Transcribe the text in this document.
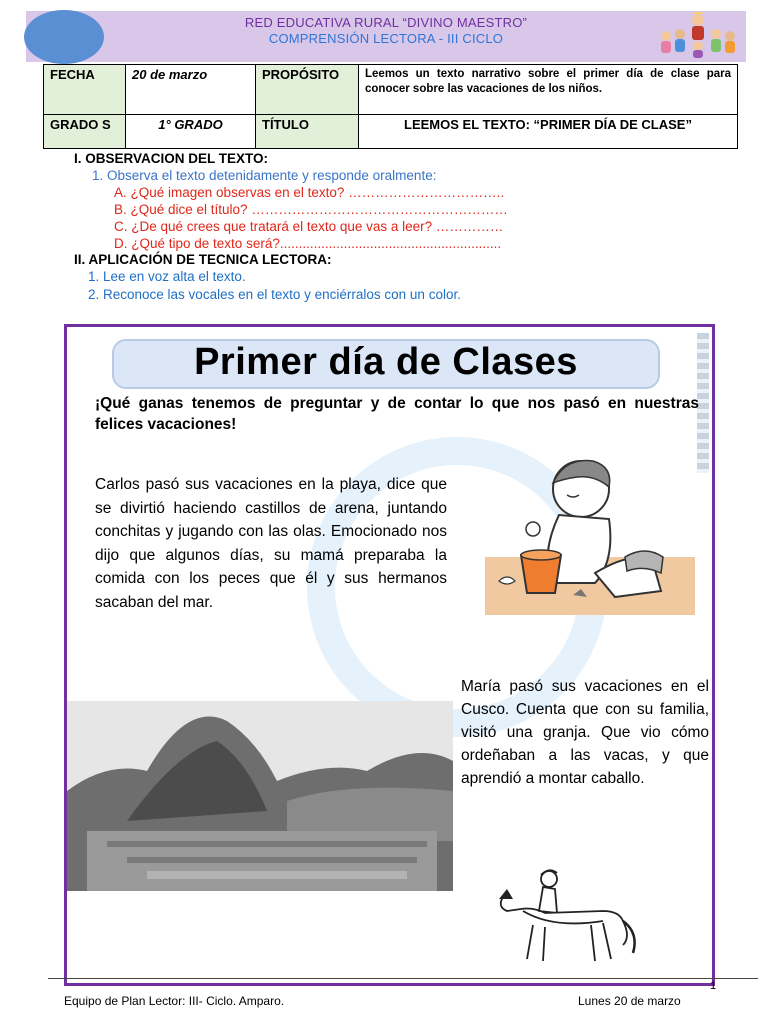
RED EDUCATIVA RURAL “DIVINO MAESTRO”
COMPRENSIÓN LECTORA - III CICLO
FECHA	20 de marzo	PROPÓSITO	Leemos un texto narrativo sobre el primer día de clase para conocer sobre las vacaciones de los niños.
GRADO S	1° GRADO	TÍTULO	LEEMOS EL TEXTO: “PRIMER DÍA DE CLASE”
I. OBSERVACION DEL TEXTO:
1. Observa el texto detenidamente y responde oralmente:
A. ¿Qué imagen observas en el texto? ……………………………..
B. ¿Qué dice el título? …………………………………………………
C. ¿De qué crees que tratará el texto que vas a leer? ……………
D. ¿Qué tipo de texto será?...........................................................
II. APLICACIÓN DE TECNICA LECTORA:
1. Lee en voz alta el texto.
2. Reconoce las vocales en el texto y enciérralos con un color.
Primer día de Clases
¡Qué ganas tenemos de preguntar y de contar lo que nos pasó en nuestras felices vacaciones!
Carlos pasó sus vacaciones en la playa, dice que se divirtió haciendo castillos de arena, juntando conchitas y jugando con las olas. Emocionado nos dijo que algunos días, su mamá preparaba la comida con los peces que él y sus hermanos sacaban del mar.
María pasó sus vacaciones en el Cusco. Cuenta que con su familia, visitó una granja. Que vio cómo ordeñaban a las vacas, y que aprendió a montar caballo.
1
Equipo de Plan Lector: III- Ciclo. Amparo.	Lunes 20 de marzo
